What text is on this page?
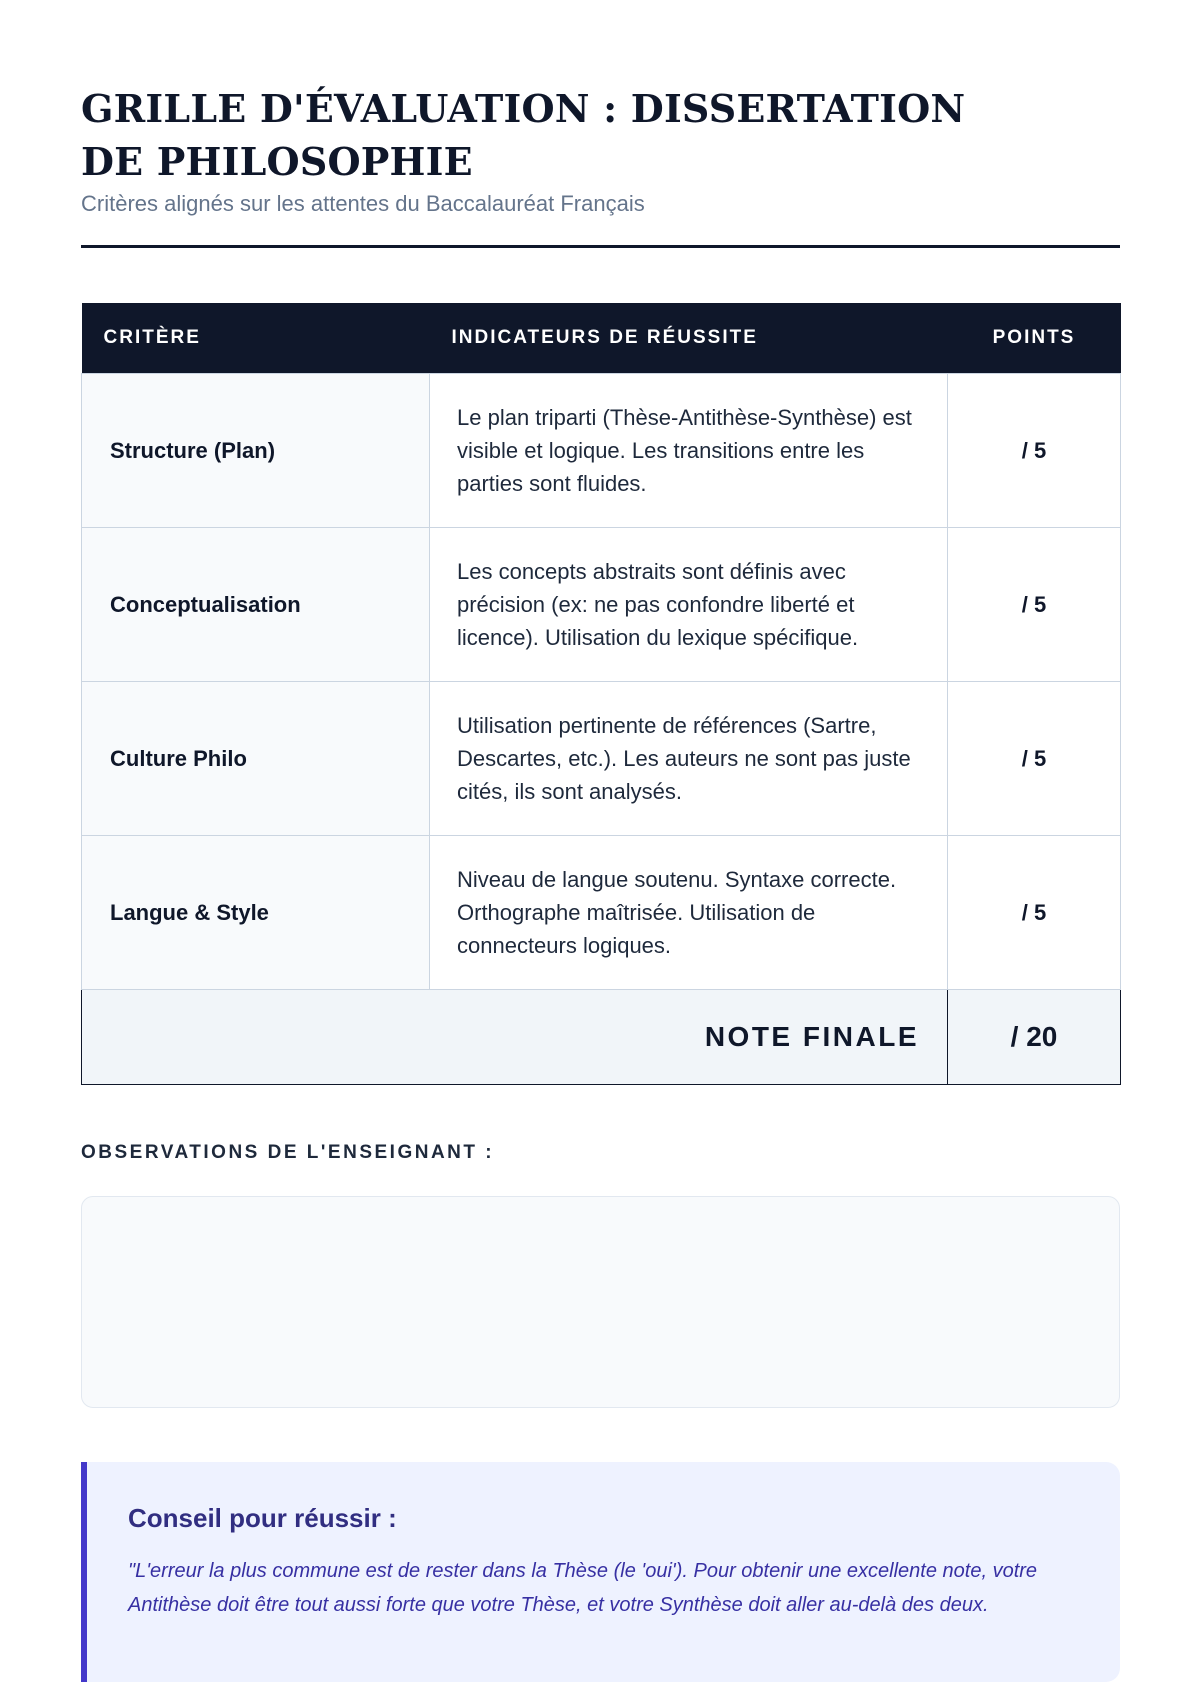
GRILLE D'ÉVALUATION : DISSERTATION DE PHILOSOPHIE
Critères alignés sur les attentes du Baccalauréat Français
CRITÈRE	INDICATEURS DE RÉUSSITE	POINTS
Structure (Plan)	Le plan triparti (Thèse-Antithèse-Synthèse) est visible et logique. Les transitions entre les parties sont fluides.	/ 5
Conceptualisation	Les concepts abstraits sont définis avec précision (ex: ne pas confondre liberté et licence). Utilisation du lexique spécifique.	/ 5
Culture Philo	Utilisation pertinente de références (Sartre, Descartes, etc.). Les auteurs ne sont pas juste cités, ils sont analysés.	/ 5
Langue & Style	Niveau de langue soutenu. Syntaxe correcte. Orthographe maîtrisée. Utilisation de connecteurs logiques.	/ 5
NOTE FINALE		/ 20
OBSERVATIONS DE L'ENSEIGNANT :

Conseil pour réussir :

"L'erreur la plus commune est de rester dans la Thèse (le 'oui'). Pour obtenir une excellente note, votre Antithèse doit être tout aussi forte que votre Thèse, et votre Synthèse doit aller au-delà des deux.
